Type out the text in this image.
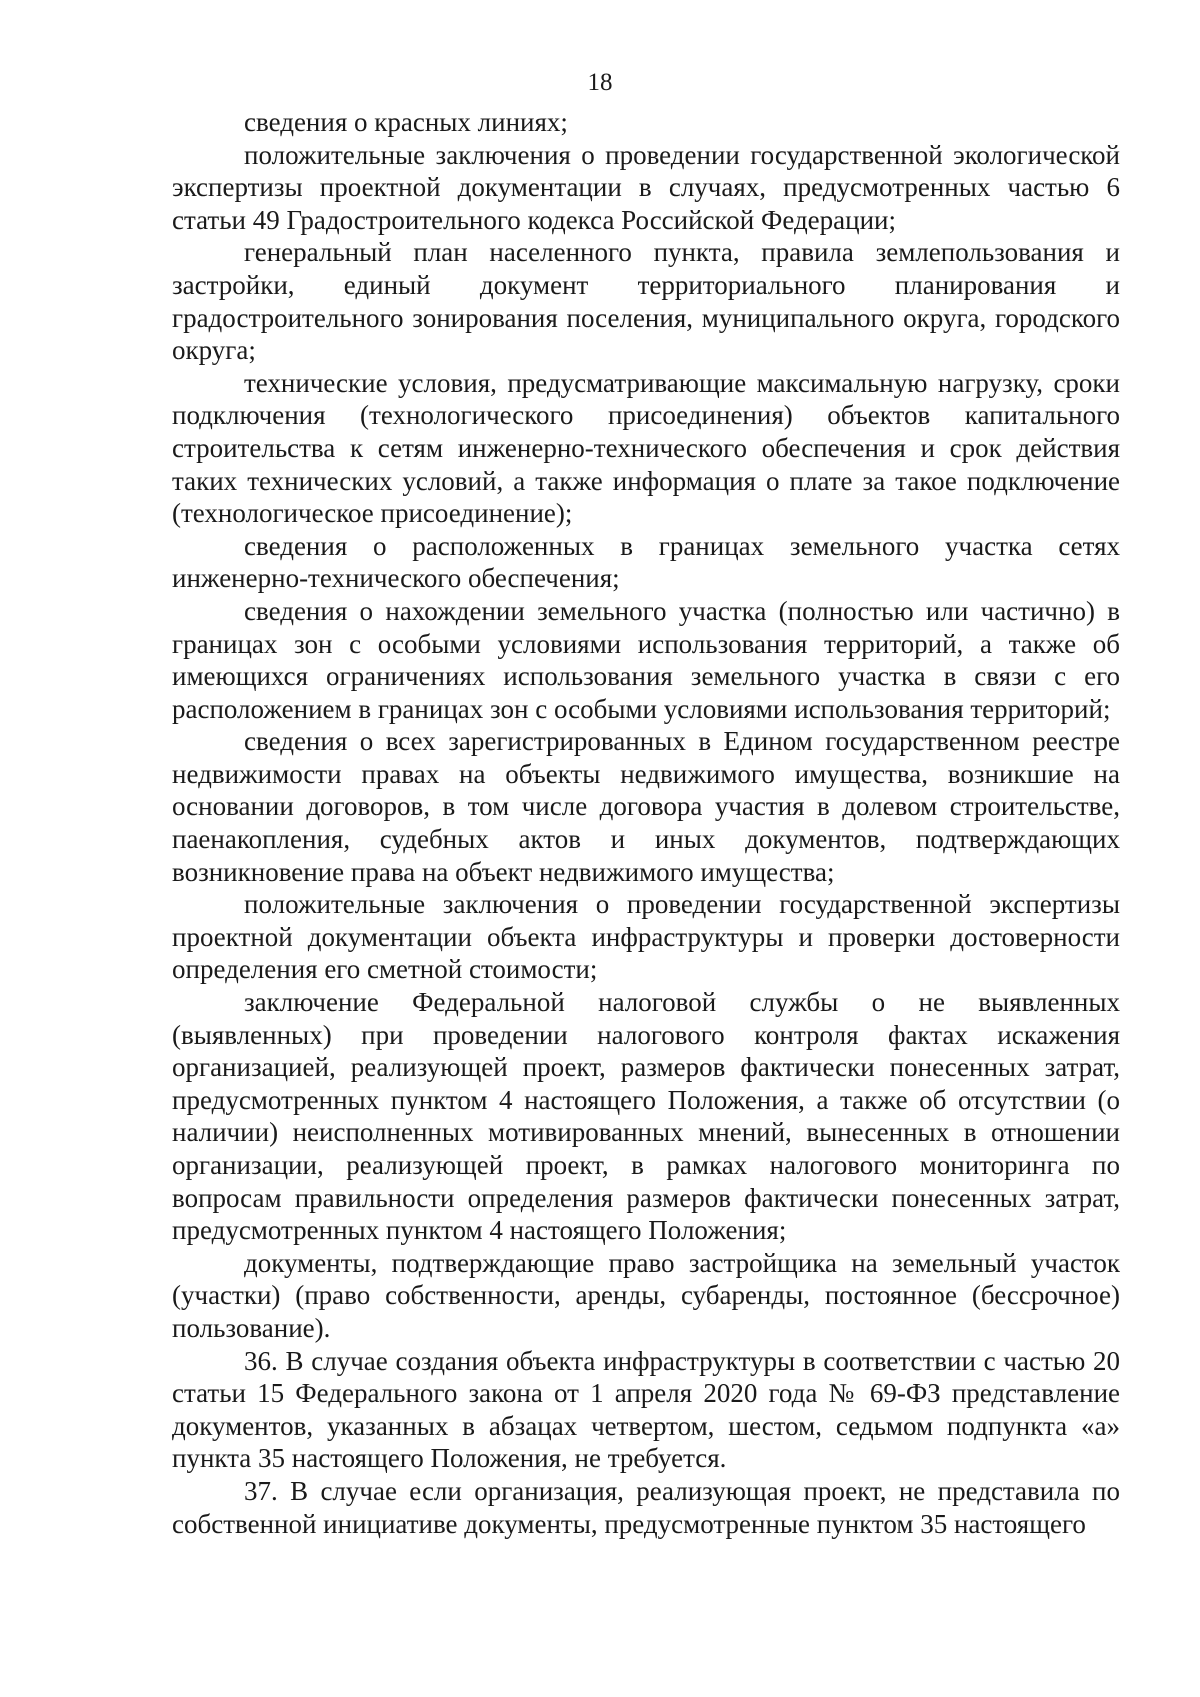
18

сведения о красных линиях;

положительные заключения о проведении государственной экологической экспертизы проектной документации в случаях, предусмотренных частью 6 статьи 49 Градостроительного кодекса Российской Федерации;

генеральный план населенного пункта, правила землепользования и застройки, единый документ территориального планирования и градостроительного зонирования поселения, муниципального округа, городского округа;

технические условия, предусматривающие максимальную нагрузку, сроки подключения (технологического присоединения) объектов капитального строительства к сетям инженерно-технического обеспечения и срок действия таких технических условий, а также информация о плате за такое подключение (технологическое присоединение);

сведения о расположенных в границах земельного участка сетях инженерно-технического обеспечения;

сведения о нахождении земельного участка (полностью или частично) в границах зон с особыми условиями использования территорий, а также об имеющихся ограничениях использования земельного участка в связи с его расположением в границах зон с особыми условиями использования территорий;

сведения о всех зарегистрированных в Едином государственном реестре недвижимости правах на объекты недвижимого имущества, возникшие на основании договоров, в том числе договора участия в долевом строительстве, паенакопления, судебных актов и иных документов, подтверждающих возникновение права на объект недвижимого имущества;

положительные заключения о проведении государственной экспертизы проектной документации объекта инфраструктуры и проверки достоверности определения его сметной стоимости;

заключение Федеральной налоговой службы о не выявленных (выявленных) при проведении налогового контроля фактах искажения организацией, реализующей проект, размеров фактически понесенных затрат, предусмотренных пунктом 4 настоящего Положения, а также об отсутствии (о наличии) неисполненных мотивированных мнений, вынесенных в отношении организации, реализующей проект, в рамках налогового мониторинга по вопросам правильности определения размеров фактически понесенных затрат, предусмотренных пунктом 4 настоящего Положения;

документы, подтверждающие право застройщика на земельный участок (участки) (право собственности, аренды, субаренды, постоянное (бессрочное) пользование).

36. В случае создания объекта инфраструктуры в соответствии с частью 20 статьи 15 Федерального закона от 1 апреля 2020 года № 69-ФЗ представление документов, указанных в абзацах четвертом, шестом, седьмом подпункта «а» пункта 35 настоящего Положения, не требуется.

37. В случае если организация, реализующая проект, не представила по собственной инициативе документы, предусмотренные пунктом 35 настоящего
